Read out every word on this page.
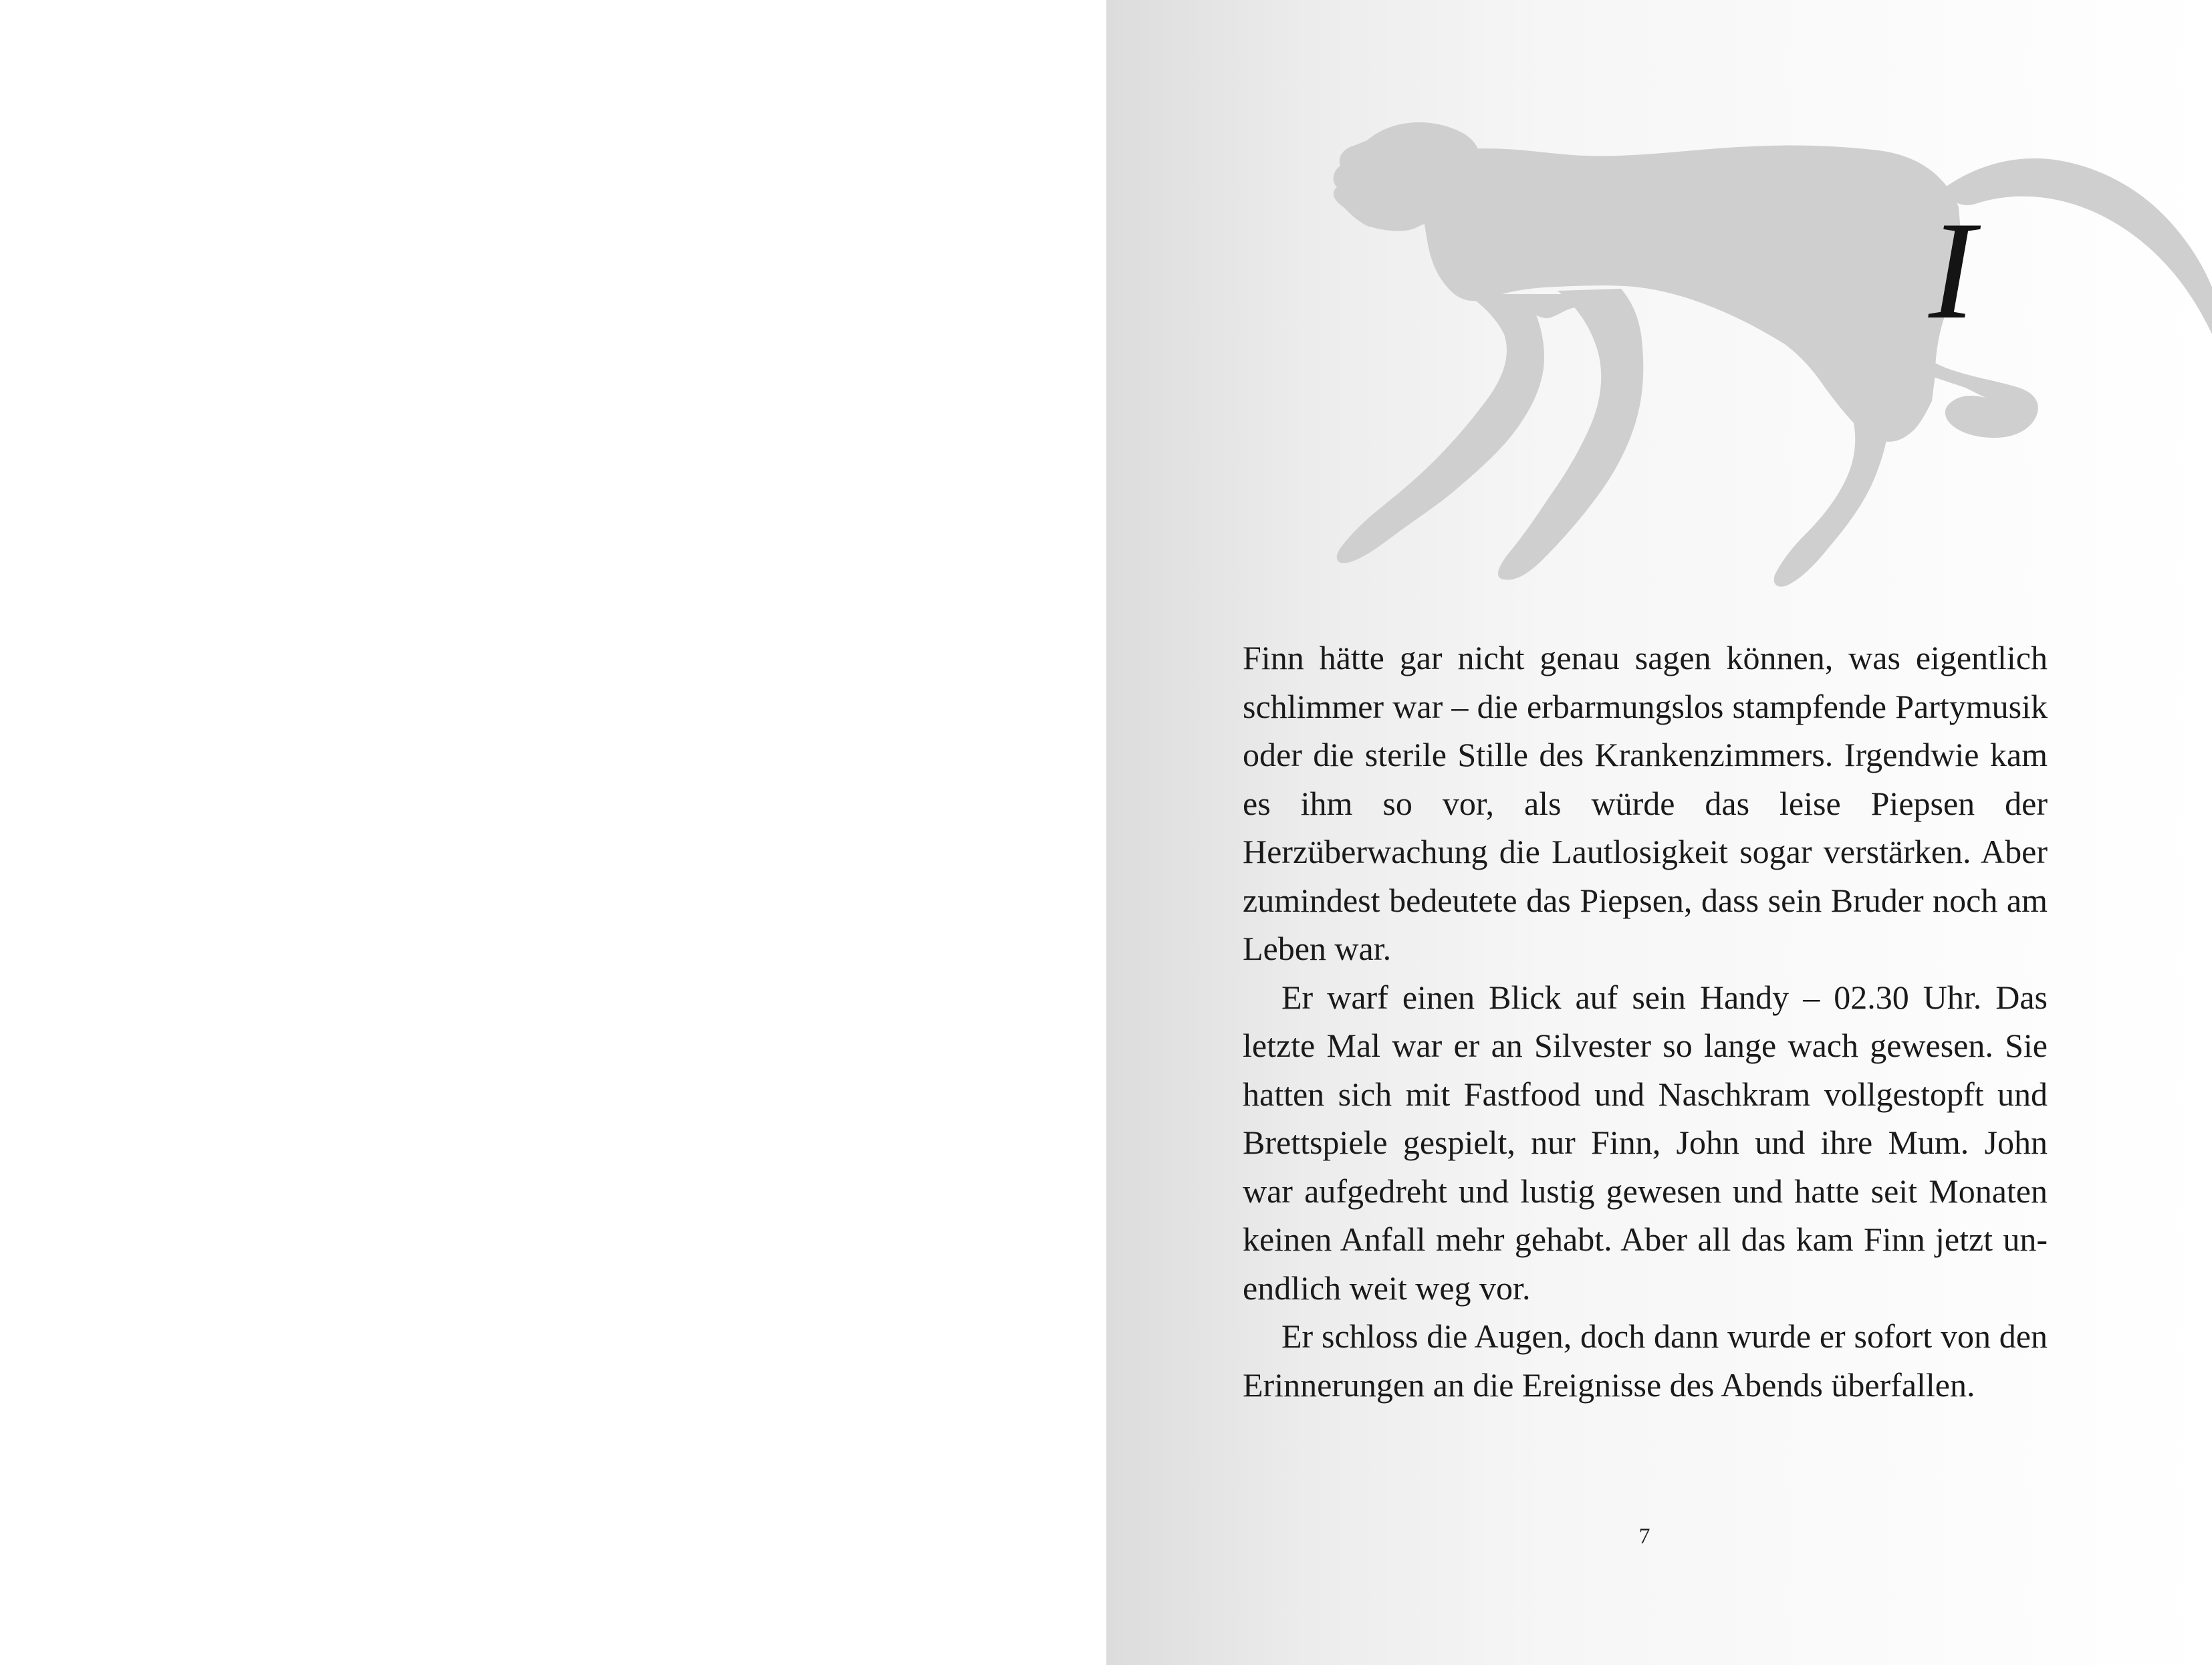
I

Finn hätte gar nicht genau sagen können, was eigentlich schlimmer war – die erbarmungslos stampfende Partymusik oder die sterile Stille des Krankenzimmers. Irgendwie kam es ihm so vor, als würde das leise Piepsen der Herzüberwachung die Lautlosigkeit sogar verstärken. Aber zumindest bedeutete das Piepsen, dass sein Bruder noch am Leben war.

Er warf einen Blick auf sein Handy – 02.30 Uhr. Das letzte Mal war er an Silvester so lange wach gewesen. Sie hatten sich mit Fastfood und Naschkram vollgestopft und Brettspiele gespielt, nur Finn, John und ihre Mum. John war aufgedreht und lustig gewesen und hatte seit Monaten keinen Anfall mehr gehabt. Aber all das kam Finn jetzt unendlich weit weg vor.

Er schloss die Augen, doch dann wurde er sofort von den Erinnerungen an die Ereignisse des Abends überfallen.

7
